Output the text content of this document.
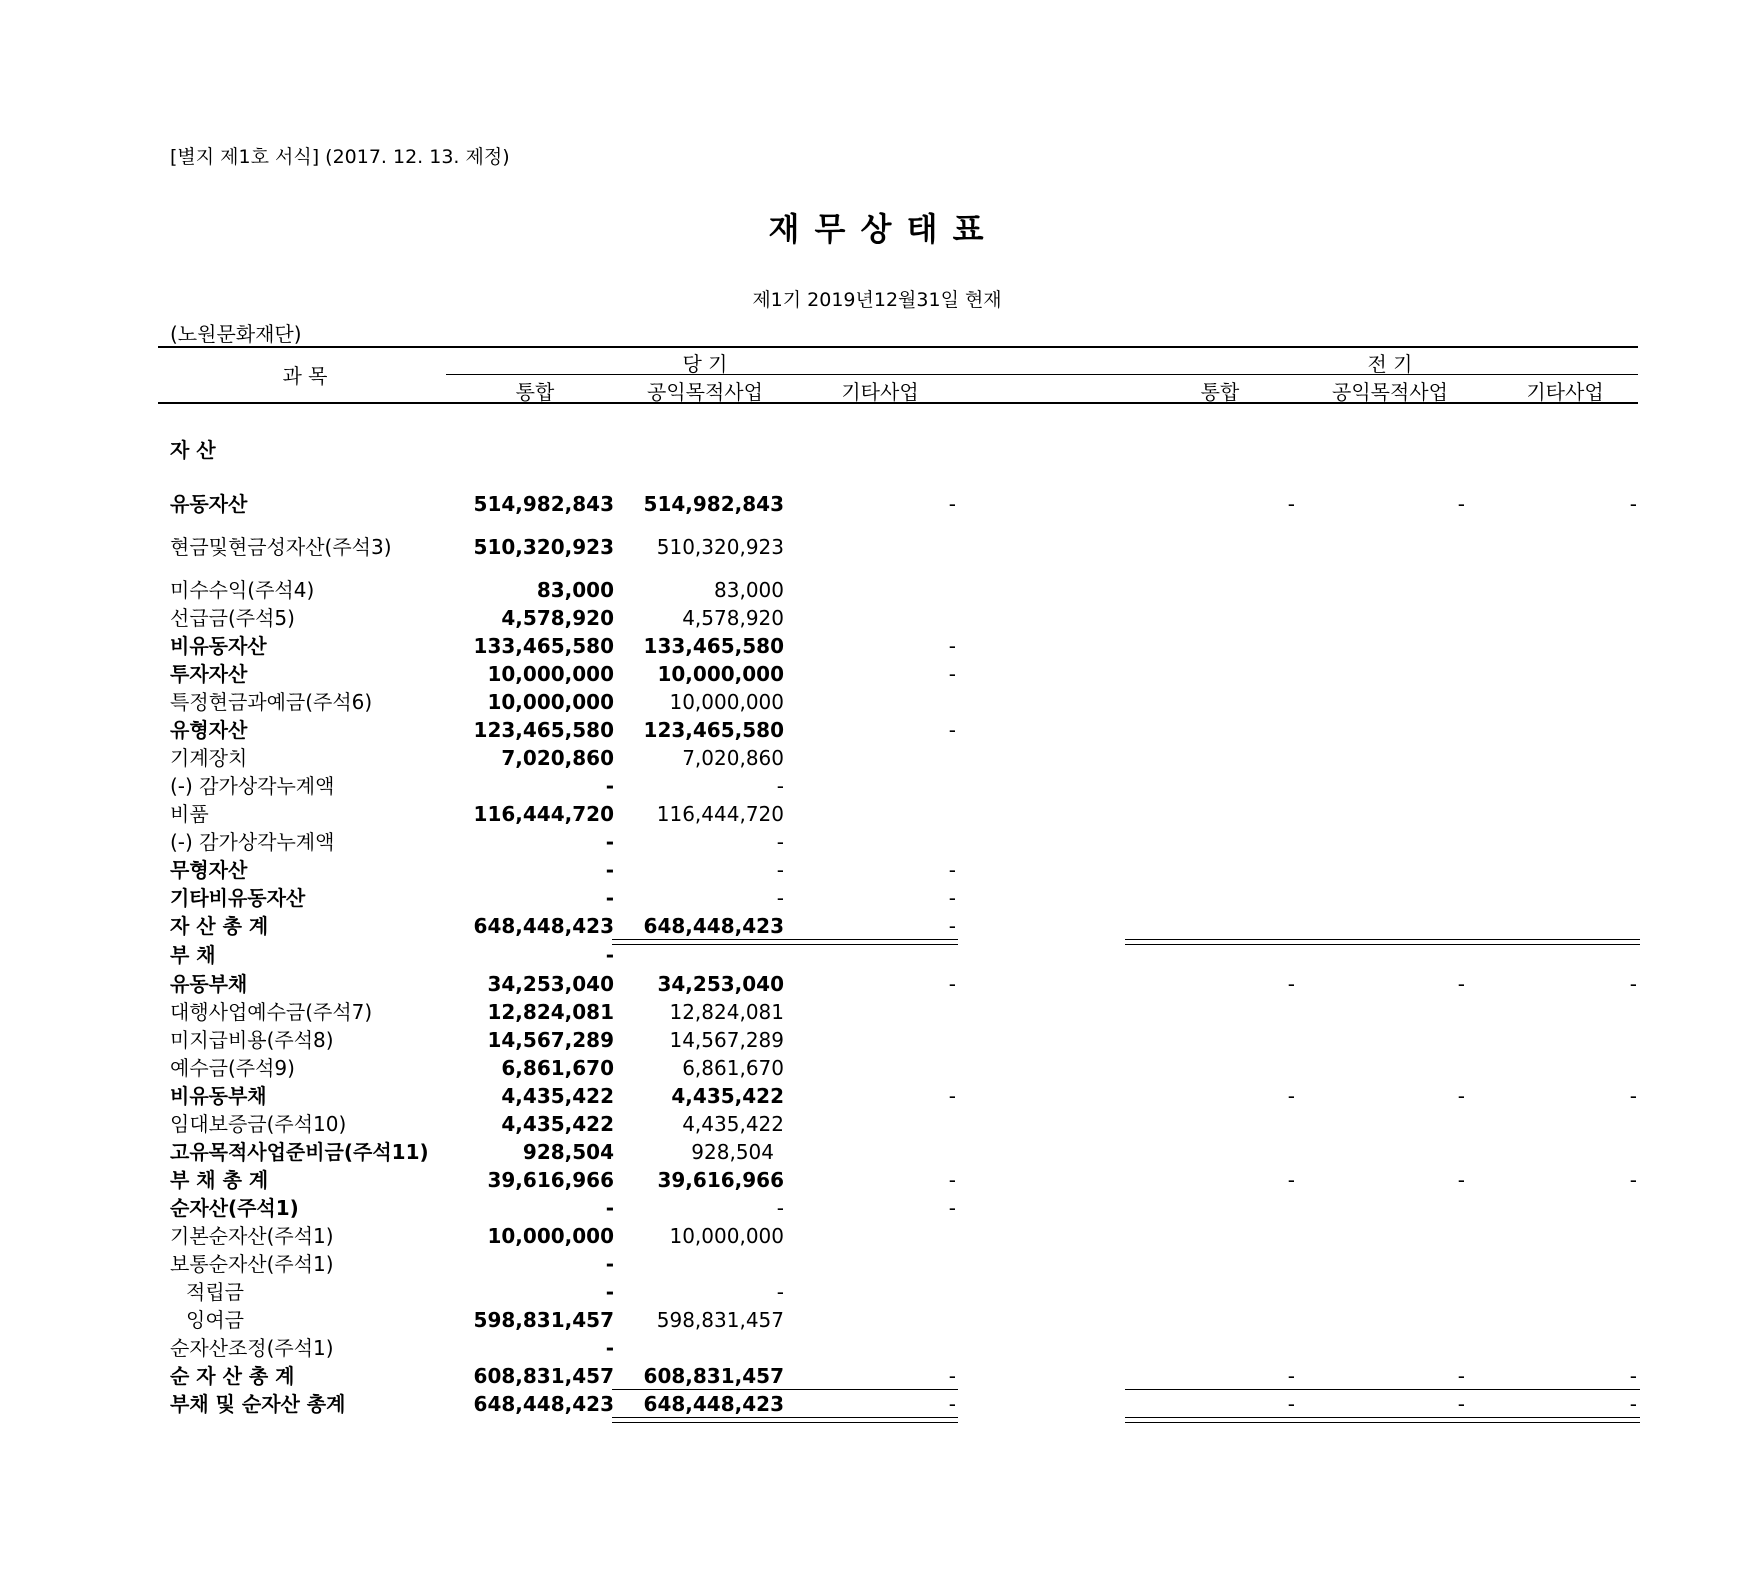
[별지 제1호 서식] (2017. 12. 13. 제정)
재 무 상 태 표
제1기 2019년12월31일 현재
(노원문화재단)
과 목	당 기	전 기
통합	공익목적사업	기타사업	통합	공익목적사업	기타사업
자 산
유동자산	514,982,843	514,982,843	-	-	-	-
현금및현금성자산(주석3)	510,320,923	510,320,923
미수수익(주석4)	83,000	83,000
선급금(주석5)	4,578,920	4,578,920
비유동자산	133,465,580	133,465,580	-
투자자산	10,000,000	10,000,000	-
특정현금과예금(주석6)	10,000,000	10,000,000
유형자산	123,465,580	123,465,580	-
기계장치	7,020,860	7,020,860
(-) 감가상각누계액	-	-
비품	116,444,720	116,444,720
(-) 감가상각누계액	-	-
무형자산	-	-	-
기타비유동자산	-	-	-
자 산 총 계	648,448,423	648,448,423	-
부 채	-
유동부채	34,253,040	34,253,040	-	-	-	-
대행사업예수금(주석7)	12,824,081	12,824,081
미지급비용(주석8)	14,567,289	14,567,289
예수금(주석9)	6,861,670	6,861,670
비유동부채	4,435,422	4,435,422	-	-	-	-
임대보증금(주석10)	4,435,422	4,435,422
고유목적사업준비금(주석11)	928,504	928,504
부 채 총 계	39,616,966	39,616,966	-	-	-	-
순자산(주석1)	-	-	-
기본순자산(주석1)	10,000,000	10,000,000
보통순자산(주석1)	-
적립금	-	-
잉여금	598,831,457	598,831,457
순자산조정(주석1)	-
순 자 산 총 계	608,831,457	608,831,457	-	-	-	-
부채 및 순자산 총계	648,448,423	648,448,423	-	-	-	-
